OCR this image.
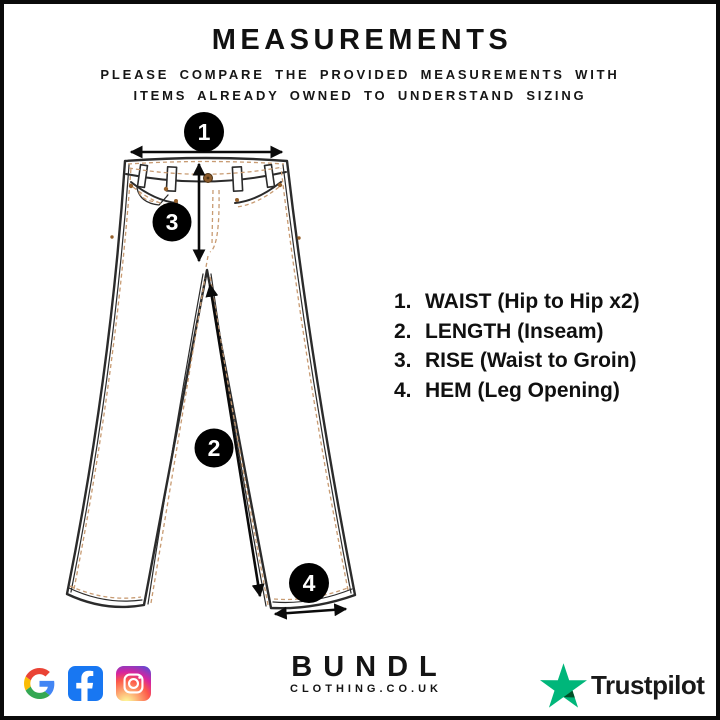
MEASUREMENTS
PLEASE COMPARE THE PROVIDED MEASUREMENTS WITH
ITEMS ALREADY OWNED TO UNDERSTAND SIZING
1
3
2
4
1. WAIST (Hip to Hip x2)
2. LENGTH (Inseam)
3. RISE (Waist to Groin)
4. HEM (Leg Opening)
BUNDL
CLOTHING.CO.UK	Trustpilot
